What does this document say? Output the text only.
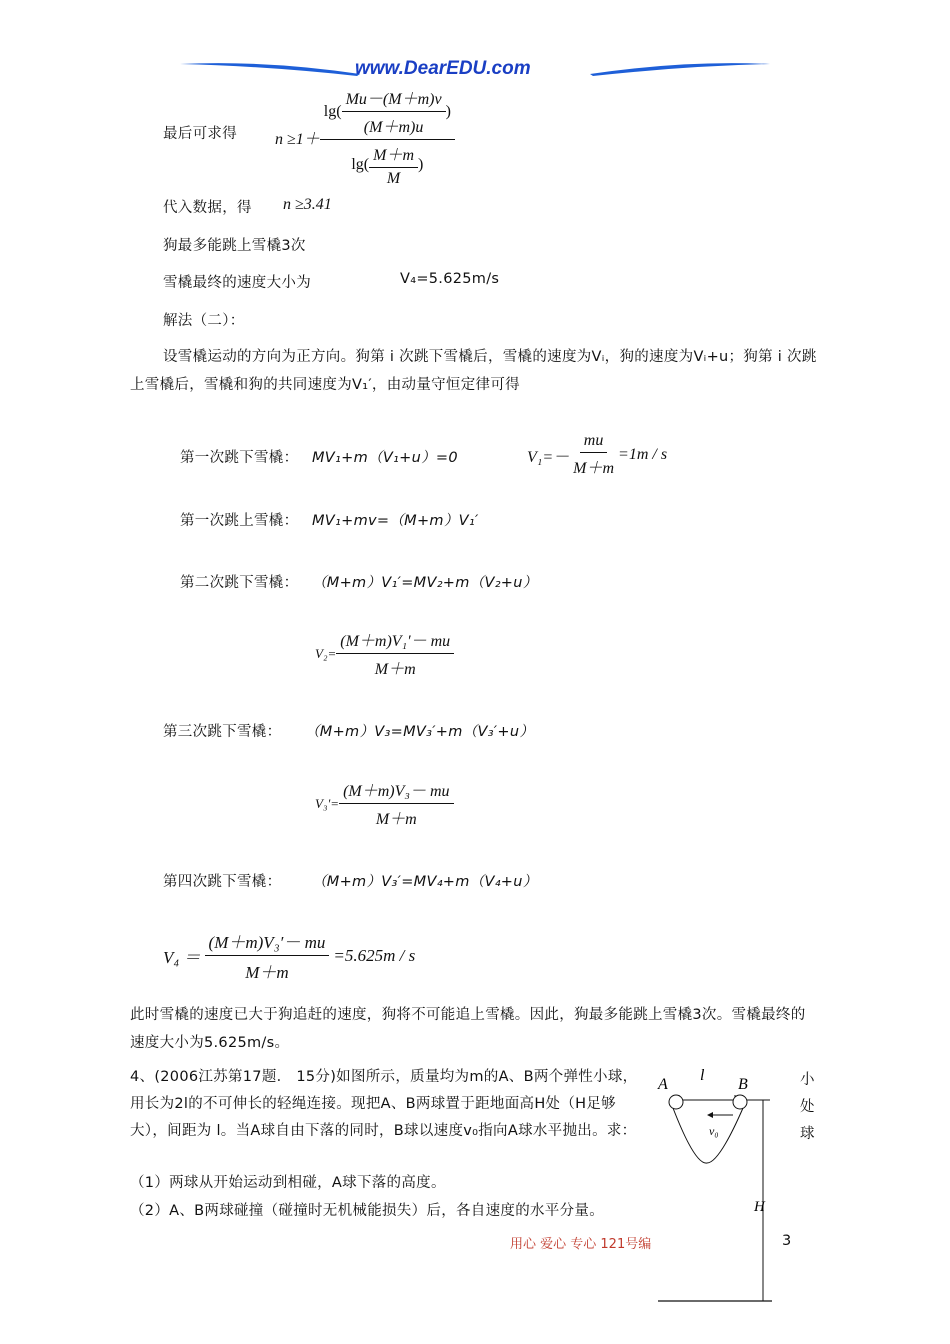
www.DearEDU.com
最后可求得 $n \ge 1+ \frac{\lg( \frac{Mu-(M+m)v}{(M+m)u} )}{\lg( \frac{M+m}{M} )}$
代入数据，得 n ≥3.41
狗最多能跳上雪橇3次
雪橇最终的速度大小为	V₄=5.625m/s
解法（二）：
设雪橇运动的方向为正方向。狗第 i 次跳下雪橇后，雪橇的速度为Vᵢ，狗的速度为Vᵢ+u；狗第 i 次跳上雪橇后，雪橇和狗的共同速度为V₁′，由动量守恒定律可得
第一次跳下雪橇： MV₁+m（V₁+u）=0	$V_1=- \frac{mu}{M+m} =1m / s$
第一次跳上雪橇： MV₁+mv=（M+m）V₁′
第二次跳下雪橇： （M+m）V₁′=MV₂+m（V₂+u）
$V_2= \frac{\text{(M＋m)V₁′－ mu}}{M+m}$
第三次跳下雪橇： （M+m）V₃=MV₃′+m（V₃′+u）
$V_3'= \frac{\text{(M＋m)V₃－ mu}}{M+m}$
第四次跳下雪橇： （M+m）V₃′=MV₄+m（V₄+u）
$V_4 = \frac{\text{(M＋m)V₃′－ mu}}{M+m} =5.625m / s$
此时雪橇的速度已大于狗追赶的速度，狗将不可能追上雪橇。因此，狗最多能跳上雪橇3次。雪橇最终的速度大小为5.625m/s。
4、(2006江苏第17题． 15分)如图所示，质量均为m的A、B两个弹性小球，用长为2l的不可伸长的轻绳连接。现把A、B两球置于距地面高H处（H足够大），间距为 l。当A球自由下落的同时，B球以速度v₀指向A球水平抛出。求：
小
处
球
（1）两球从开始运动到相碰，A球下落的高度。
（2）A、B两球碰撞（碰撞时无机械能损失）后，各自速度的水平分量。
A
l
B
v₀
H
用心 爱心 专心 121号编	3
